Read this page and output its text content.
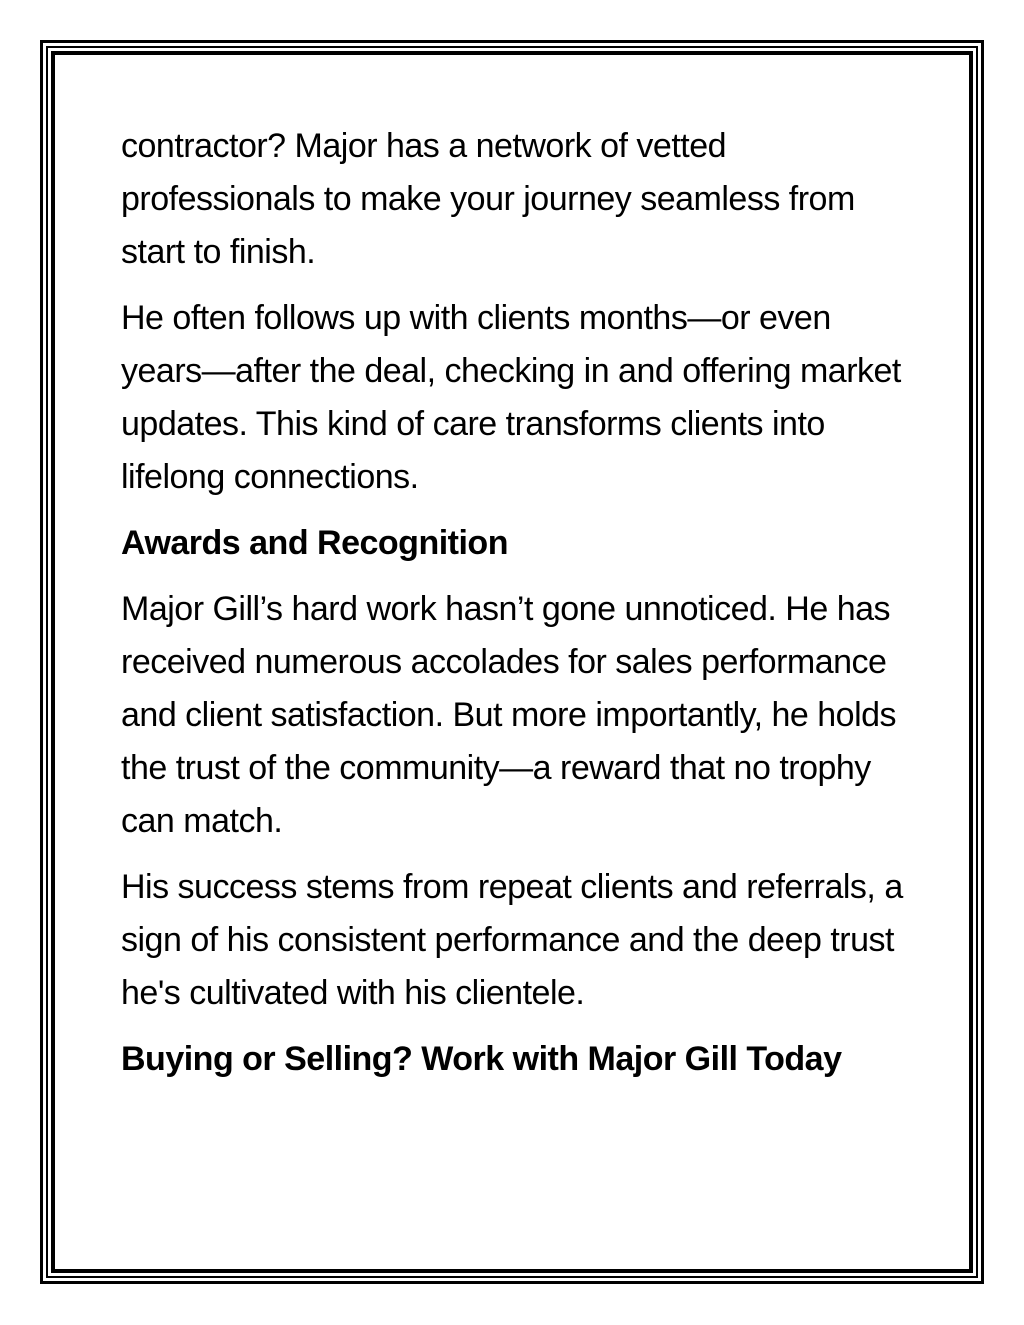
contractor? Major has a network of vetted professionals to make your journey seamless from start to finish.

He often follows up with clients months—or even years—after the deal, checking in and offering market updates. This kind of care transforms clients into lifelong connections.

Awards and Recognition

Major Gill’s hard work hasn’t gone unnoticed. He has received numerous accolades for sales performance and client satisfaction. But more importantly, he holds the trust of the community—a reward that no trophy can match.

His success stems from repeat clients and referrals, a sign of his consistent performance and the deep trust he's cultivated with his clientele.

Buying or Selling? Work with Major Gill Today
